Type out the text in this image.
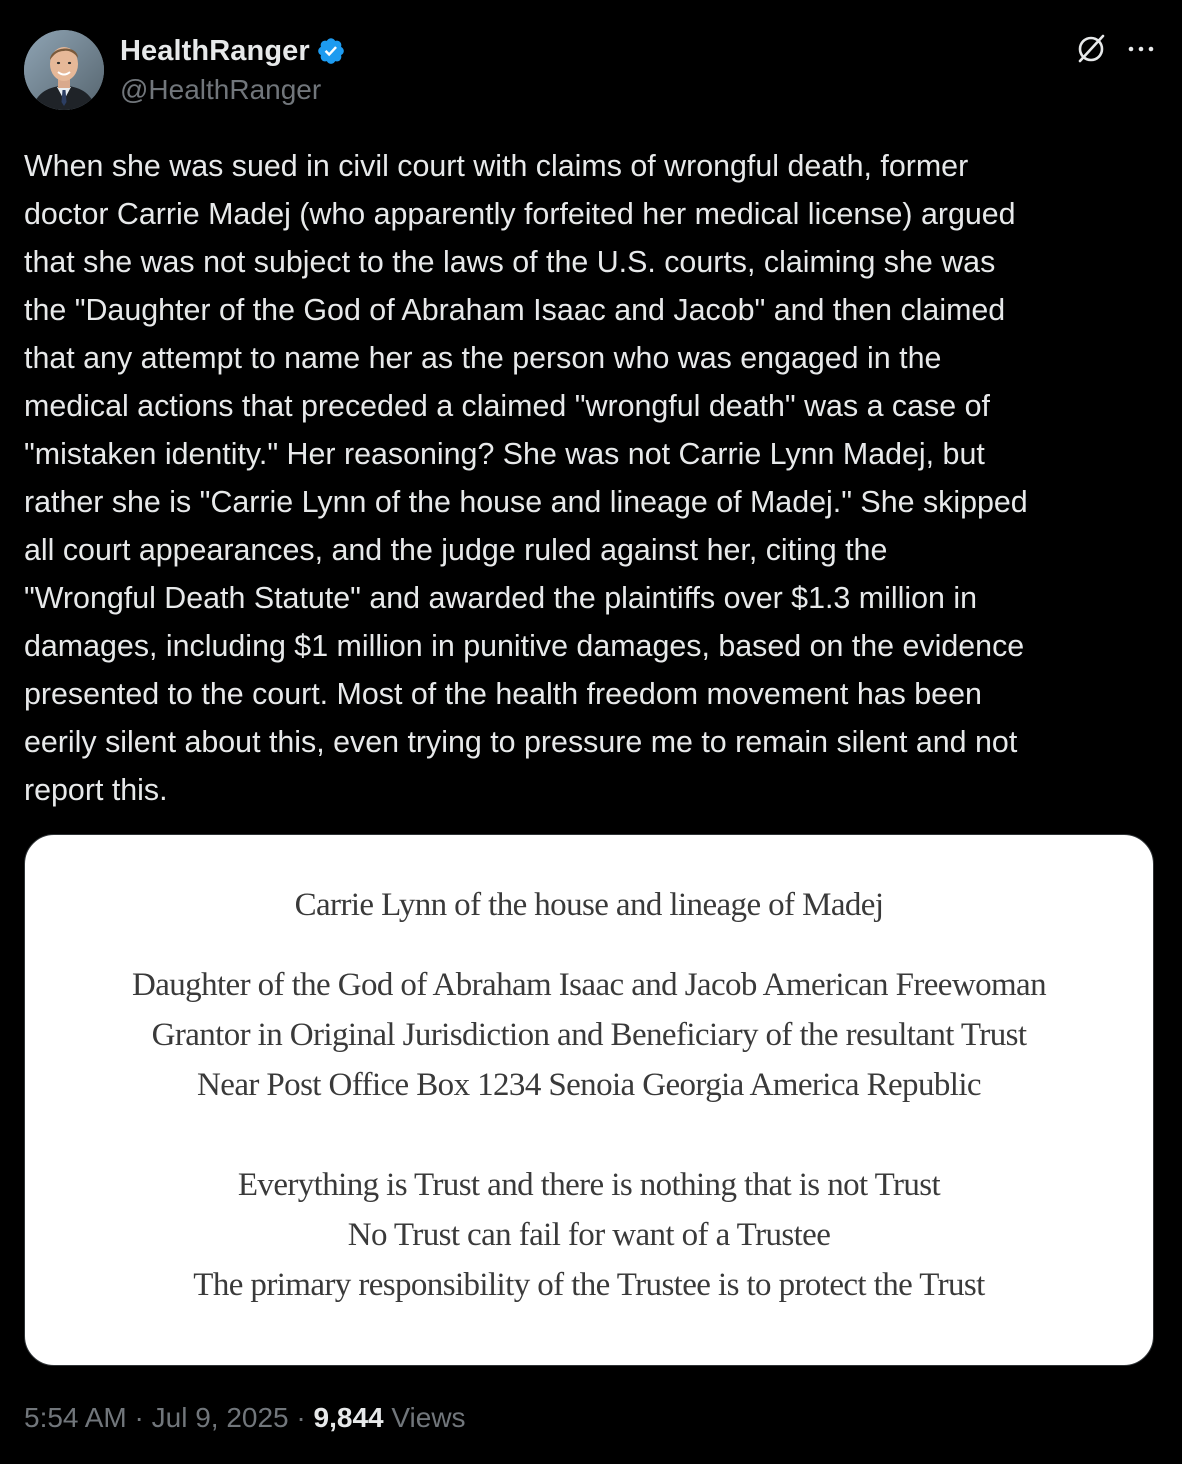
HealthRanger
@HealthRanger

When she was sued in civil court with claims of wrongful death, former
doctor Carrie Madej (who apparently forfeited her medical license) argued
that she was not subject to the laws of the U.S. courts, claiming she was
the "Daughter of the God of Abraham Isaac and Jacob" and then claimed
that any attempt to name her as the person who was engaged in the
medical actions that preceded a claimed "wrongful death" was a case of
"mistaken identity." Her reasoning? She was not Carrie Lynn Madej, but
rather she is "Carrie Lynn of the house and lineage of Madej." She skipped
all court appearances, and the judge ruled against her, citing the
"Wrongful Death Statute" and awarded the plaintiffs over $1.3 million in
damages, including $1 million in punitive damages, based on the evidence
presented to the court. Most of the health freedom movement has been
eerily silent about this, even trying to pressure me to remain silent and not
report this.

Carrie Lynn of the house and lineage of Madej
Daughter of the God of Abraham Isaac and Jacob American Freewoman
Grantor in Original Jurisdiction and Beneficiary of the resultant Trust
Near Post Office Box 1234 Senoia Georgia America Republic
Everything is Trust and there is nothing that is not Trust
No Trust can fail for want of a Trustee
The primary responsibility of the Trustee is to protect the Trust
5:54 AM · Jul 9, 2025 · 9,844 Views
